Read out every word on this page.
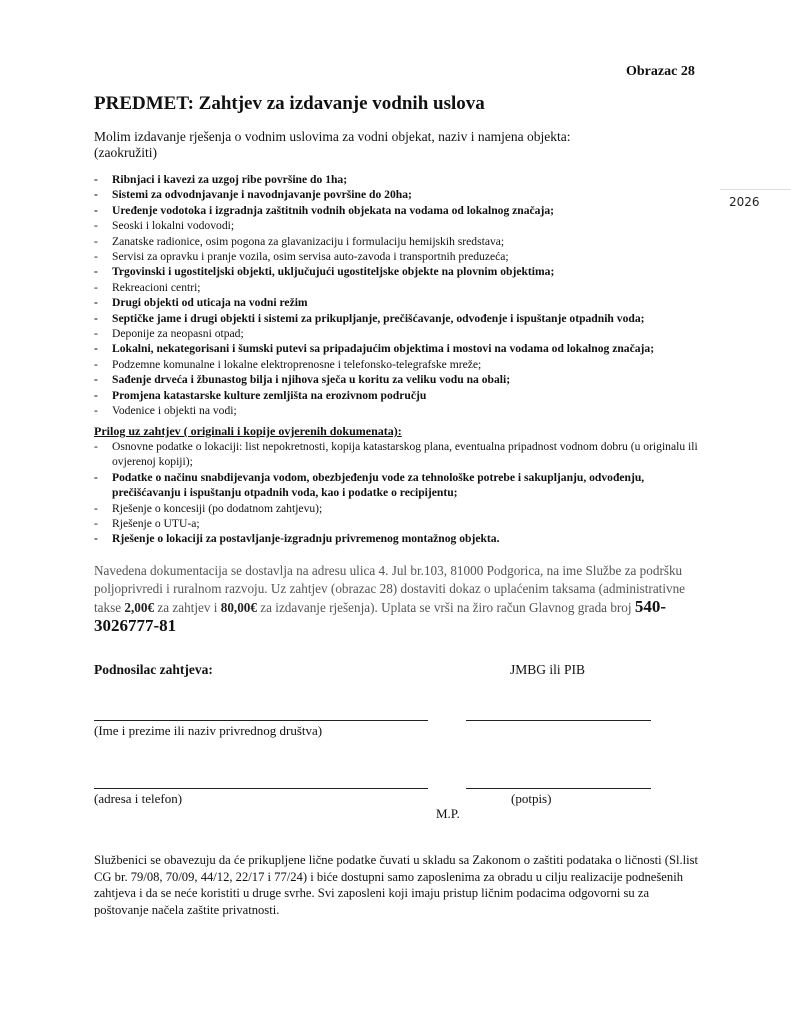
Obrazac 28
PREDMET: Zahtjev za izdavanje vodnih uslova
2026
Molim izdavanje rješenja o vodnim uslovima za vodni objekat, naziv i namjena objekta:
(zaokružiti)
- Ribnjaci i kavezi za uzgoj ribe površine do 1ha;
- Sistemi za odvodnjavanje i navodnjavanje površine do 20ha;
- Uređenje vodotoka i izgradnja zaštitnih vodnih objekata na vodama od lokalnog značaja;
- Seoski i lokalni vodovodi;
- Zanatske radionice, osim pogona za glavanizaciju i formulaciju hemijskih sredstava;
- Servisi za opravku i pranje vozila, osim servisa auto-zavoda i transportnih preduzeća;
- Trgovinski i ugostiteljski objekti, uključujući ugostiteljske objekte na plovnim objektima;
- Rekreacioni centri;
- Drugi objekti od uticaja na vodni režim
- Septičke jame i drugi objekti i sistemi za prikupljanje, prečišćavanje, odvođenje i ispuštanje otpadnih voda;
- Deponije za neopasni otpad;
- Lokalni, nekategorisani i šumski putevi sa pripadajućim objektima i mostovi na vodama od lokalnog značaja;
- Podzemne komunalne i lokalne elektroprenosne i telefonsko-telegrafske mreže;
- Sađenje drveća i žbunastog bilja i njihova sječa u koritu za veliku vodu na obali;
- Promjena katastarske kulture zemljišta na erozivnom području
- Vodenice i objekti na vodi;
Prilog uz zahtjev ( originali i kopije ovjerenih dokumenata):
- Osnovne podatke o lokaciji: list nepokretnosti, kopija katastarskog plana, eventualna pripadnost vodnom dobru (u originalu ili ovjerenoj kopiji);
- Podatke o načinu snabdijevanja vodom, obezbjeđenju vode za tehnološke potrebe i sakupljanju, odvođenju, prečišćavanju i ispuštanju otpadnih voda, kao i podatke o recipijentu;
- Rješenje o koncesiji (po dodatnom zahtjevu);
- Rješenje o UTU-a;
- Rješenje o lokaciji za postavljanje-izgradnju privremenog montažnog objekta.
Navedena dokumentacija se dostavlja na adresu ulica 4. Jul br.103, 81000 Podgorica, na ime Službe za podršku poljoprivredi i ruralnom razvoju. Uz zahtjev (obrazac 28) dostaviti dokaz o uplaćenim taksama (administrativne takse 2,00€ za zahtjev i 80,00€ za izdavanje rješenja). Uplata se vrši na žiro račun Glavnog grada broj 540-3026777-81
Podnosilac zahtjeva:	JMBG ili PIB
(Ime i prezime ili naziv privrednog društva)
(adresa i telefon)	(potpis)
M.P.
Službenici se obavezuju da će prikupljene lične podatke čuvati u skladu sa Zakonom o zaštiti podataka o ličnosti (Sl.list CG br. 79/08, 70/09, 44/12, 22/17 i 77/24) i biće dostupni samo zaposlenima za obradu u cilju realizacije podnešenih zahtjeva i da se neće koristiti u druge svrhe. Svi zaposleni koji imaju pristup ličnim podacima odgovorni su za poštovanje načela zaštite privatnosti.
